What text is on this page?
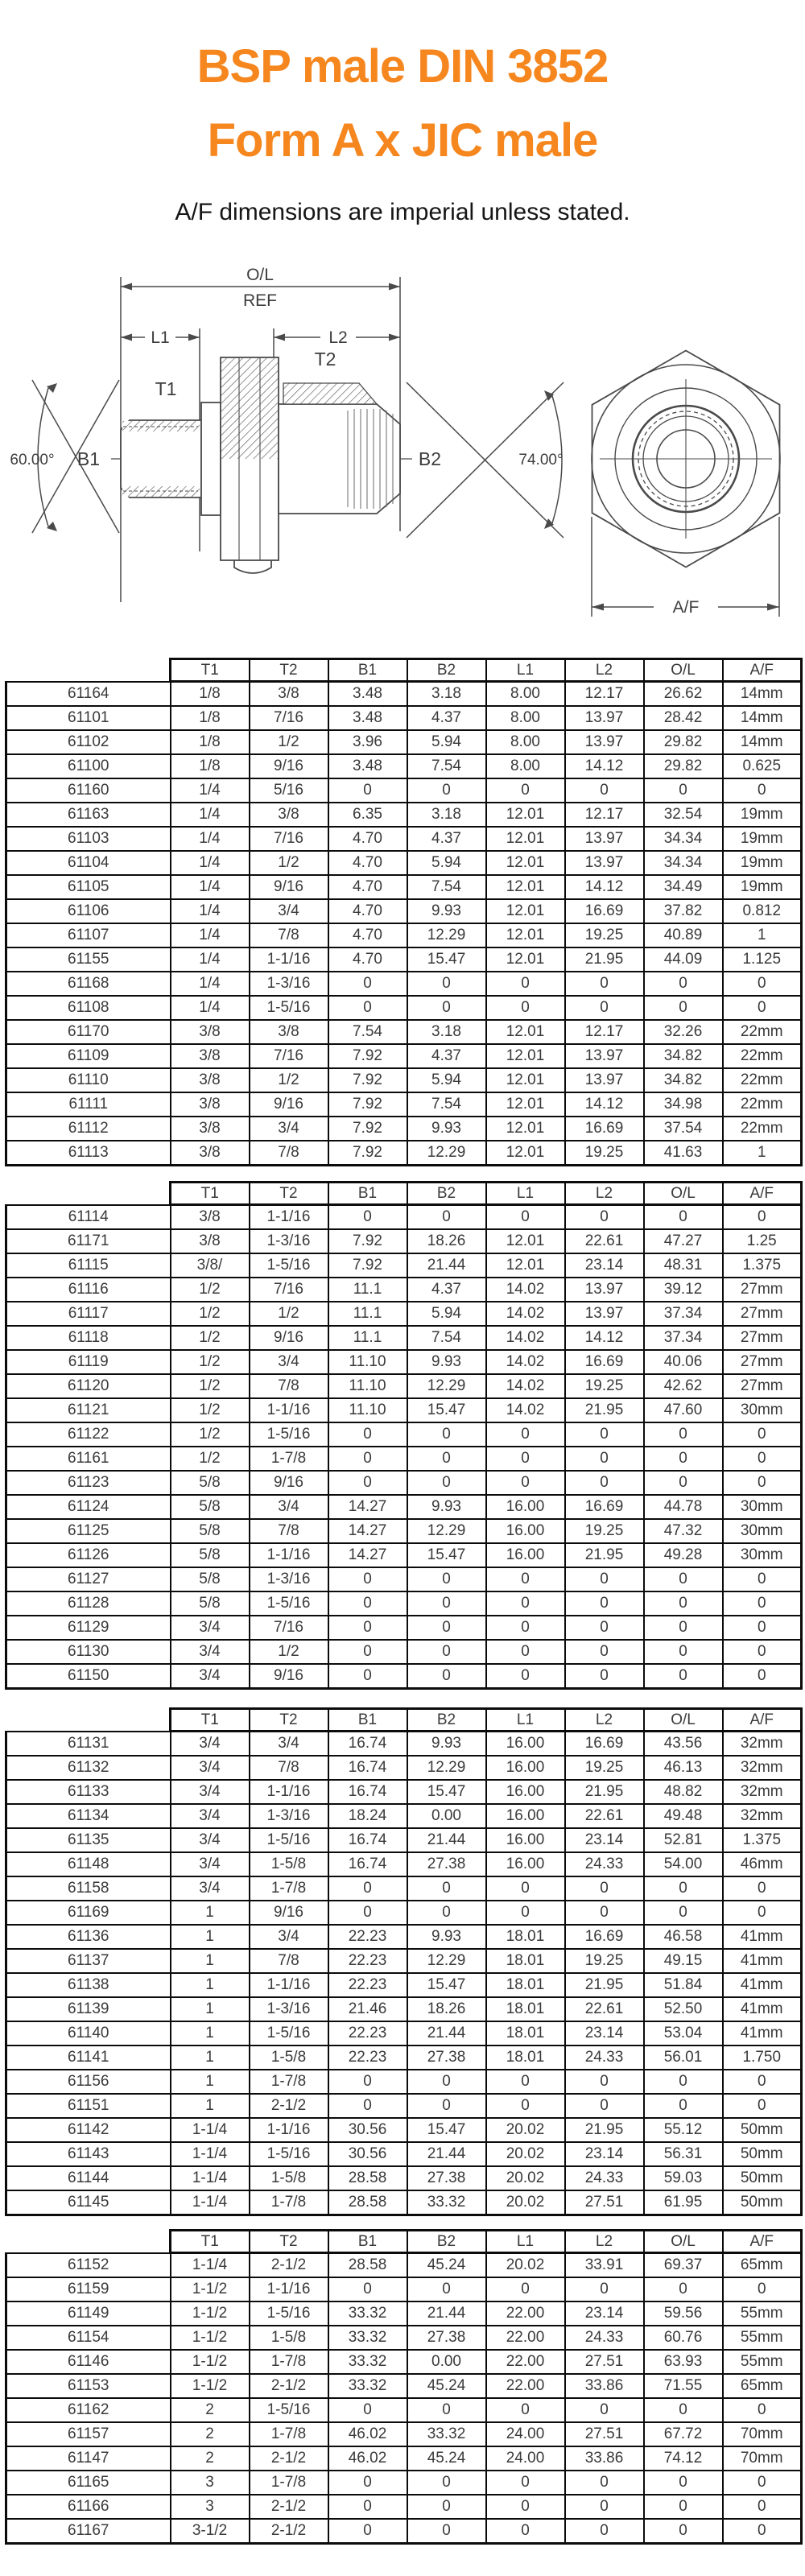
BSP male DIN 3852
Form A x JIC male
A/F dimensions are imperial unless stated.
O/L
REF
L1	L2
T1
T2
B1	B2
60.00°	74.00°
A/F
	T1	T2	B1	B2	L1	L2	O/L	A/F
61164	1/8	3/8	3.48	3.18	8.00	12.17	26.62	14mm
61101	1/8	7/16	3.48	4.37	8.00	13.97	28.42	14mm
61102	1/8	1/2	3.96	5.94	8.00	13.97	29.82	14mm
61100	1/8	9/16	3.48	7.54	8.00	14.12	29.82	0.625
61160	1/4	5/16	0	0	0	0	0	0
61163	1/4	3/8	6.35	3.18	12.01	12.17	32.54	19mm
61103	1/4	7/16	4.70	4.37	12.01	13.97	34.34	19mm
61104	1/4	1/2	4.70	5.94	12.01	13.97	34.34	19mm
61105	1/4	9/16	4.70	7.54	12.01	14.12	34.49	19mm
61106	1/4	3/4	4.70	9.93	12.01	16.69	37.82	0.812
61107	1/4	7/8	4.70	12.29	12.01	19.25	40.89	1
61155	1/4	1-1/16	4.70	15.47	12.01	21.95	44.09	1.125
61168	1/4	1-3/16	0	0	0	0	0	0
61108	1/4	1-5/16	0	0	0	0	0	0
61170	3/8	3/8	7.54	3.18	12.01	12.17	32.26	22mm
61109	3/8	7/16	7.92	4.37	12.01	13.97	34.82	22mm
61110	3/8	1/2	7.92	5.94	12.01	13.97	34.82	22mm
61111	3/8	9/16	7.92	7.54	12.01	14.12	34.98	22mm
61112	3/8	3/4	7.92	9.93	12.01	16.69	37.54	22mm
61113	3/8	7/8	7.92	12.29	12.01	19.25	41.63	1
	T1	T2	B1	B2	L1	L2	O/L	A/F
61114	3/8	1-1/16	0	0	0	0	0	0
61171	3/8	1-3/16	7.92	18.26	12.01	22.61	47.27	1.25
61115	3/8/	1-5/16	7.92	21.44	12.01	23.14	48.31	1.375
61116	1/2	7/16	11.1	4.37	14.02	13.97	39.12	27mm
61117	1/2	1/2	11.1	5.94	14.02	13.97	37.34	27mm
61118	1/2	9/16	11.1	7.54	14.02	14.12	37.34	27mm
61119	1/2	3/4	11.10	9.93	14.02	16.69	40.06	27mm
61120	1/2	7/8	11.10	12.29	14.02	19.25	42.62	27mm
61121	1/2	1-1/16	11.10	15.47	14.02	21.95	47.60	30mm
61122	1/2	1-5/16	0	0	0	0	0	0
61161	1/2	1-7/8	0	0	0	0	0	0
61123	5/8	9/16	0	0	0	0	0	0
61124	5/8	3/4	14.27	9.93	16.00	16.69	44.78	30mm
61125	5/8	7/8	14.27	12.29	16.00	19.25	47.32	30mm
61126	5/8	1-1/16	14.27	15.47	16.00	21.95	49.28	30mm
61127	5/8	1-3/16	0	0	0	0	0	0
61128	5/8	1-5/16	0	0	0	0	0	0
61129	3/4	7/16	0	0	0	0	0	0
61130	3/4	1/2	0	0	0	0	0	0
61150	3/4	9/16	0	0	0	0	0	0
	T1	T2	B1	B2	L1	L2	O/L	A/F
61131	3/4	3/4	16.74	9.93	16.00	16.69	43.56	32mm
61132	3/4	7/8	16.74	12.29	16.00	19.25	46.13	32mm
61133	3/4	1-1/16	16.74	15.47	16.00	21.95	48.82	32mm
61134	3/4	1-3/16	18.24	0.00	16.00	22.61	49.48	32mm
61135	3/4	1-5/16	16.74	21.44	16.00	23.14	52.81	1.375
61148	3/4	1-5/8	16.74	27.38	16.00	24.33	54.00	46mm
61158	3/4	1-7/8	0	0	0	0	0	0
61169	1	9/16	0	0	0	0	0	0
61136	1	3/4	22.23	9.93	18.01	16.69	46.58	41mm
61137	1	7/8	22.23	12.29	18.01	19.25	49.15	41mm
61138	1	1-1/16	22.23	15.47	18.01	21.95	51.84	41mm
61139	1	1-3/16	21.46	18.26	18.01	22.61	52.50	41mm
61140	1	1-5/16	22.23	21.44	18.01	23.14	53.04	41mm
61141	1	1-5/8	22.23	27.38	18.01	24.33	56.01	1.750
61156	1	1-7/8	0	0	0	0	0	0
61151	1	2-1/2	0	0	0	0	0	0
61142	1-1/4	1-1/16	30.56	15.47	20.02	21.95	55.12	50mm
61143	1-1/4	1-5/16	30.56	21.44	20.02	23.14	56.31	50mm
61144	1-1/4	1-5/8	28.58	27.38	20.02	24.33	59.03	50mm
61145	1-1/4	1-7/8	28.58	33.32	20.02	27.51	61.95	50mm
	T1	T2	B1	B2	L1	L2	O/L	A/F
61152	1-1/4	2-1/2	28.58	45.24	20.02	33.91	69.37	65mm
61159	1-1/2	1-1/16	0	0	0	0	0	0
61149	1-1/2	1-5/16	33.32	21.44	22.00	23.14	59.56	55mm
61154	1-1/2	1-5/8	33.32	27.38	22.00	24.33	60.76	55mm
61146	1-1/2	1-7/8	33.32	0.00	22.00	27.51	63.93	55mm
61153	1-1/2	2-1/2	33.32	45.24	22.00	33.86	71.55	65mm
61162	2	1-5/16	0	0	0	0	0	0
61157	2	1-7/8	46.02	33.32	24.00	27.51	67.72	70mm
61147	2	2-1/2	46.02	45.24	24.00	33.86	74.12	70mm
61165	3	1-7/8	0	0	0	0	0	0
61166	3	2-1/2	0	0	0	0	0	0
61167	3-1/2	2-1/2	0	0	0	0	0	0
